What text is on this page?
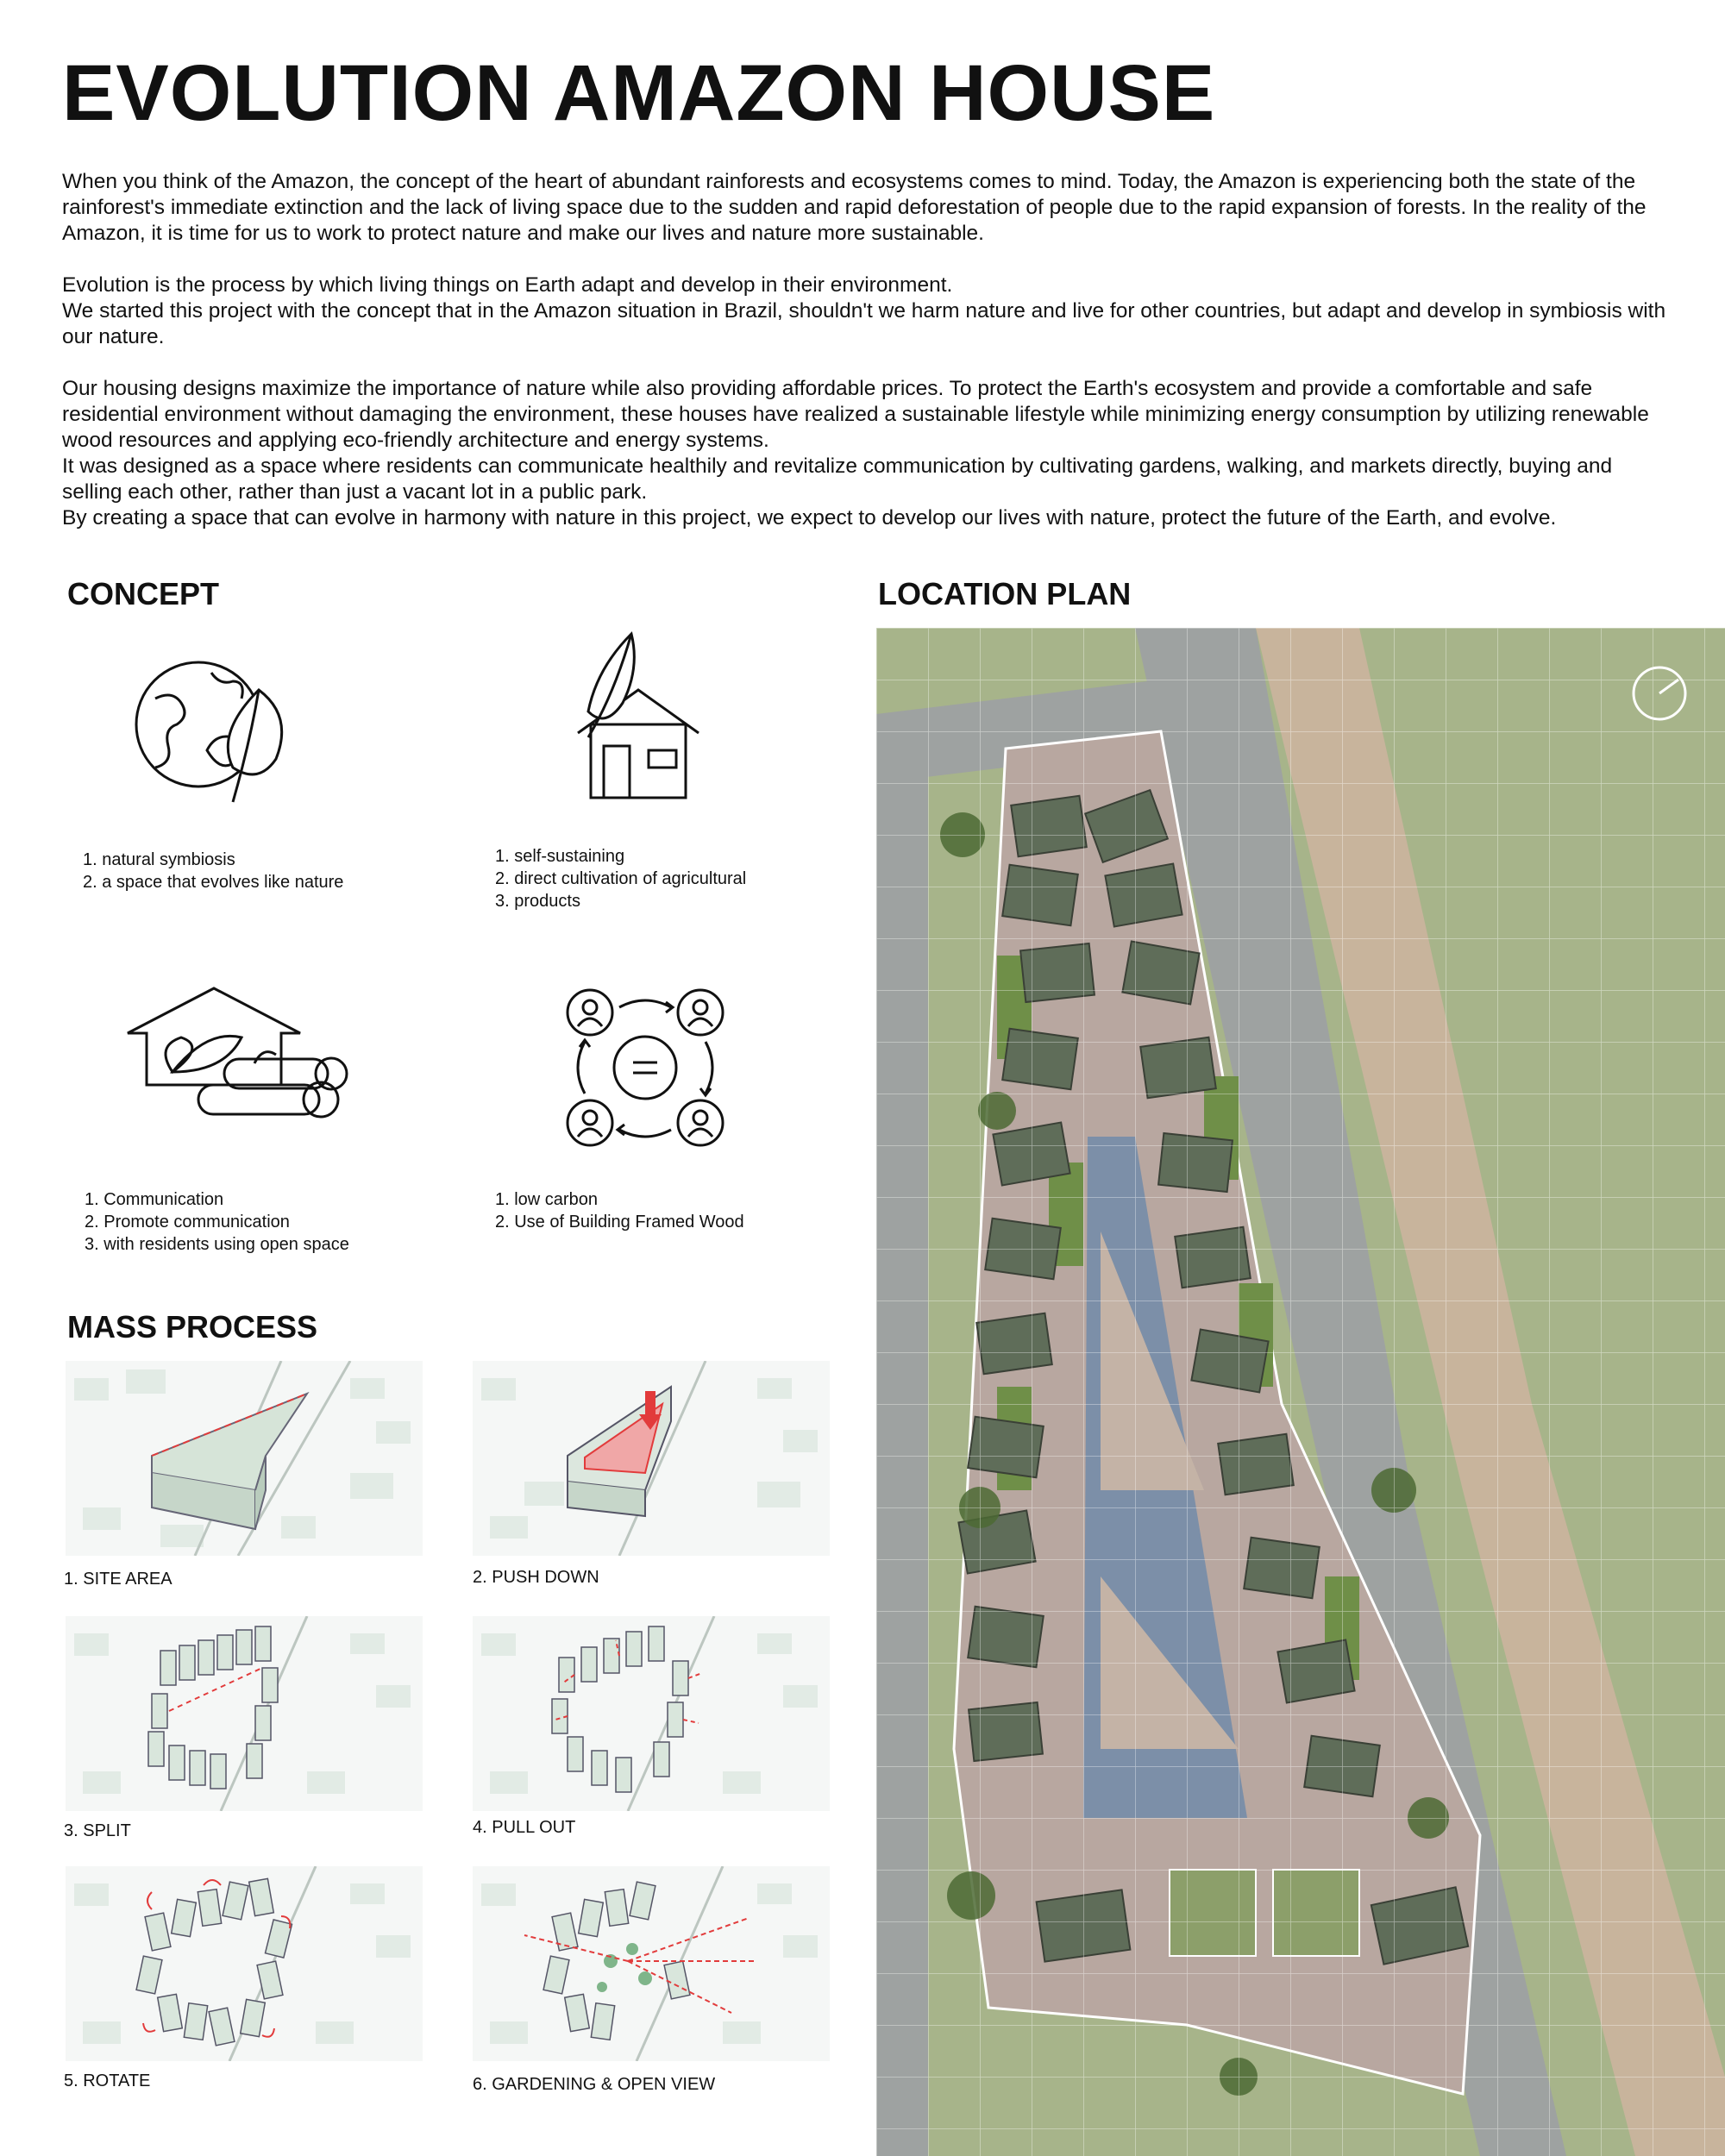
EVOLUTION AMAZON HOUSE

When you think of the Amazon, the concept of the heart of abundant rainforests and ecosystems comes to mind. Today, the Amazon is experiencing both the state of the rainforest's immediate extinction and the lack of living space due to the sudden and rapid deforestation of people due to the rapid expansion of forests. In the reality of the Amazon, it is time for us to work to protect nature and make our lives and nature more sustainable.

Evolution is the process by which living things on Earth adapt and develop in their environment.

We started this project with the concept that in the Amazon situation in Brazil, shouldn't we harm nature and live for other countries, but adapt and develop in symbiosis with our nature.

Our housing designs maximize the importance of nature while also providing affordable prices. To protect the Earth's ecosystem and provide a comfortable and safe residential environment without damaging the environment, these houses have realized a sustainable lifestyle while minimizing energy consumption by utilizing renewable wood resources and applying eco-friendly architecture and energy systems.

It was designed as a space where residents can communicate healthily and revitalize communication by cultivating gardens, walking, and markets directly, buying and selling each other, rather than just a vacant lot in a public park.

By creating a space that can evolve in harmony with nature in this project, we expect to develop our lives with nature, protect the future of the Earth, and evolve.

CONCEPT
1. natural symbiosis
2. a space that evolves like nature
1. self-sustaining
2. direct cultivation of agricultural
3. products
1. Communication
2. Promote communication
3. with residents using open space
1. low carbon
2. Use of Building Framed Wood
MASS PROCESS
1. SITE AREA	2. PUSH DOWN
3. SPLIT	4. PULL OUT
5. ROTATE	6. GARDENING & OPEN VIEW
LOCATION PLAN
